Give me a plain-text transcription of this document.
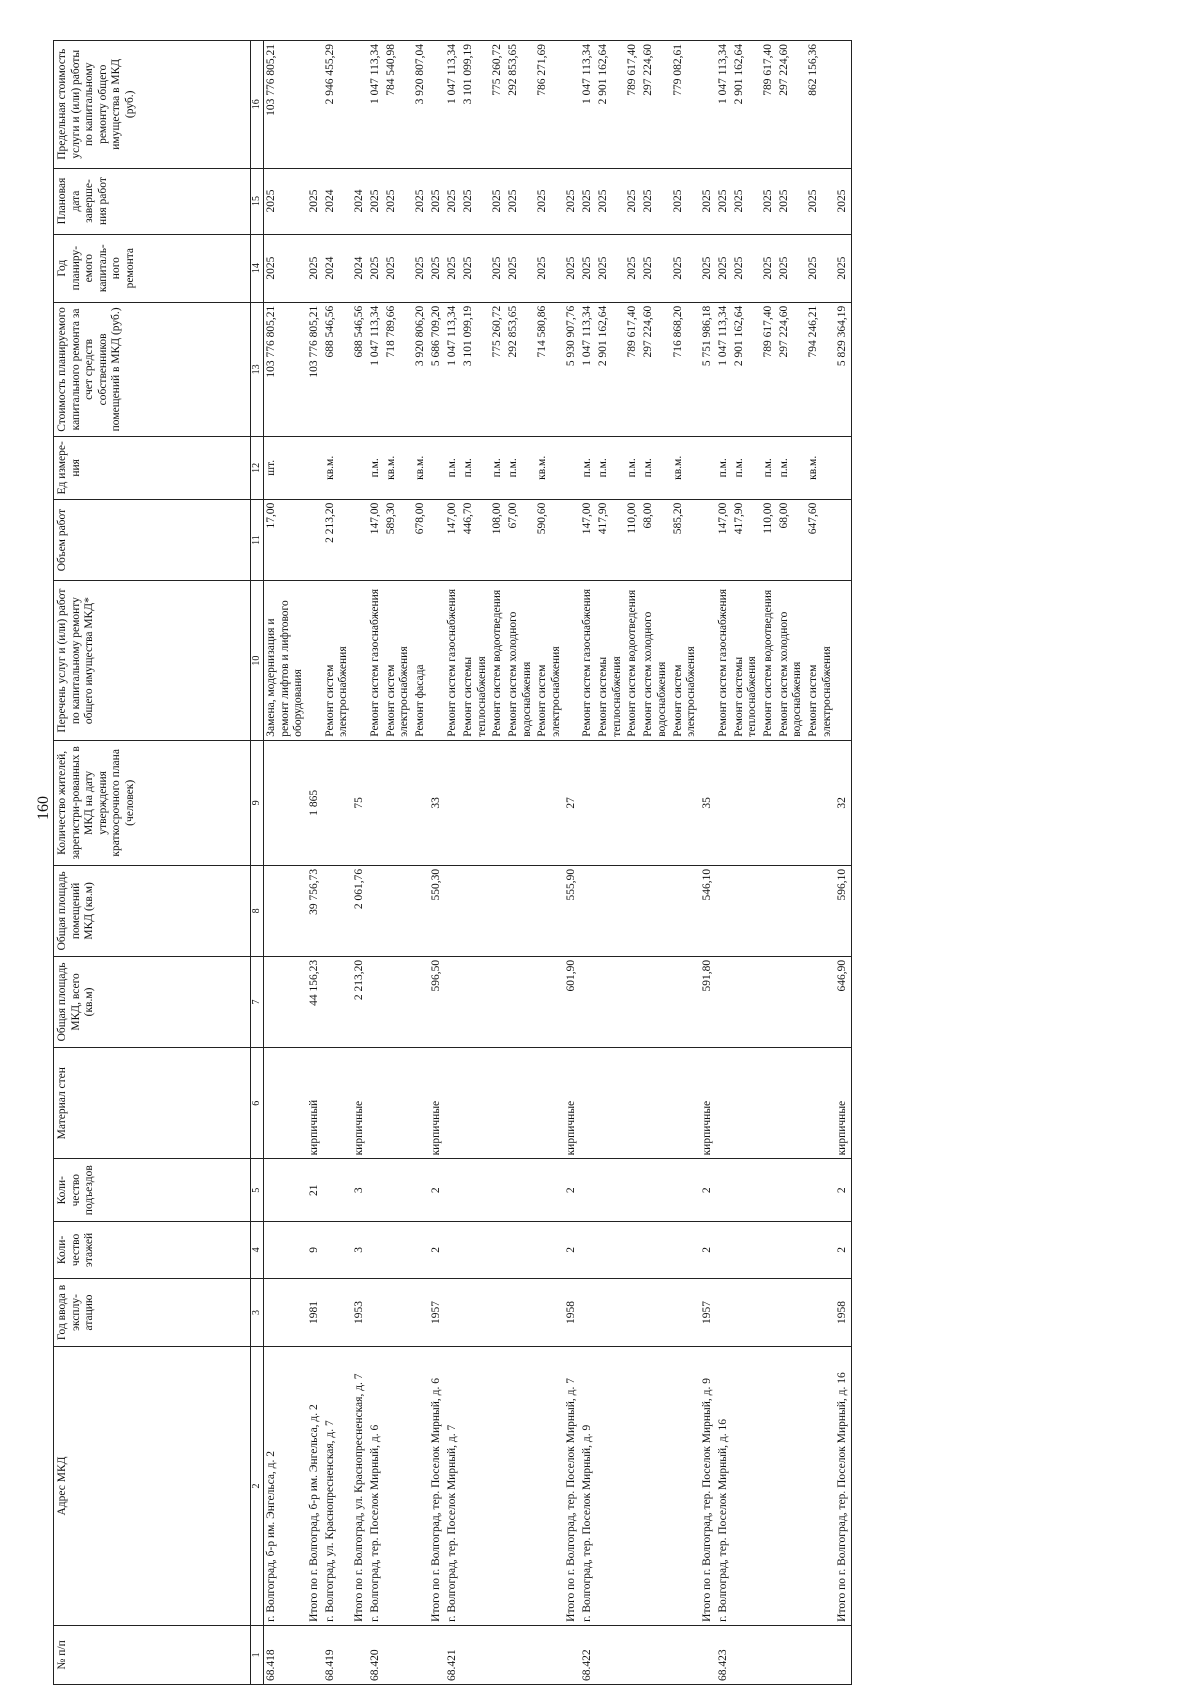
160
№ п/п	Адрес МКД	Год ввода в эксплу-атацию	Коли-чество этажей	Коли-чество подъездов	Материал стен	Общая площадь МКД, всего (кв.м)	Общая площадь помещений МКД (кв.м)	Количество жителей, зарегистри-рованных в МКД на дату утверждения краткосрочного плана (человек)	Перечень услуг и (или) работ по капитальному ремонту общего имущества МКД*	Объем работ	Ед измере-ния	Стоимость планируемого капитального ремонта за счет средств собственников помещений в МКД (руб.)	Год планиру-емого капиталь-ного ремонта	Плановая дата заверше-ния работ	Предельная стоимость услуги и (или) работы по капитальному ремонту общего имущества в МКД (руб.)
1	2	3	4	5	6	7	8	9	10	11	12	13	14	15	16
68.418	г. Волгоград, б-р им. Энгельса, д. 2								Замена, модернизация и ремонт лифтов и лифтового оборудования	17,00	шт.	103 776 805,21	2025	2025	103 776 805,21
	Итого по г. Волгоград, б-р им. Энгельса, д. 2	1981	9	21	кирпичный	44 156,23	39 756,73	1 865				103 776 805,21	2025	2025	
68.419	г. Волгоград, ул. Краснопресненская, д. 7								Ремонт систем электроснабжения	2 213,20	кв.м.	688 546,56	2024	2024	2 946 455,29
	Итого по г. Волгоград, ул. Краснопресненская, д. 7	1953	3	3	кирпичные	2 213,20	2 061,76	75				688 546,56	2024	2024	
68.420	г. Волгоград, тер. Поселок Мирный, д. 6								Ремонт систем газоснабжения	147,00	п.м.	1 047 113,34	2025	2025	1 047 113,34
									Ремонт систем электроснабжения	589,30	кв.м.	718 789,66	2025	2025	784 540,98
									Ремонт фасада	678,00	кв.м.	3 920 806,20	2025	2025	3 920 807,04
	Итого по г. Волгоград, тер. Поселок Мирный, д. 6	1957	2	2	кирпичные	596,50	550,30	33				5 686 709,20	2025	2025	
68.421	г. Волгоград, тер. Поселок Мирный, д. 7								Ремонт систем газоснабжения	147,00	п.м.	1 047 113,34	2025	2025	1 047 113,34
									Ремонт системы теплоснабжения	446,70	п.м.	3 101 099,19	2025	2025	3 101 099,19
									Ремонт систем водоотведения	108,00	п.м.	775 260,72	2025	2025	775 260,72
									Ремонт систем холодного водоснабжения	67,00	п.м.	292 853,65	2025	2025	292 853,65
									Ремонт систем электроснабжения	590,60	кв.м.	714 580,86	2025	2025	786 271,69
	Итого по г. Волгоград, тер. Поселок Мирный, д. 7	1958	2	2	кирпичные	601,90	555,90	27				5 930 907,76	2025	2025	
68.422	г. Волгоград, тер. Поселок Мирный, д. 9								Ремонт систем газоснабжения	147,00	п.м.	1 047 113,34	2025	2025	1 047 113,34
									Ремонт системы теплоснабжения	417,90	п.м.	2 901 162,64	2025	2025	2 901 162,64
									Ремонт систем водоотведения	110,00	п.м.	789 617,40	2025	2025	789 617,40
									Ремонт систем холодного водоснабжения	68,00	п.м.	297 224,60	2025	2025	297 224,60
									Ремонт систем электроснабжения	585,20	кв.м.	716 868,20	2025	2025	779 082,61
	Итого по г. Волгоград, тер. Поселок Мирный, д. 9	1957	2	2	кирпичные	591,80	546,10	35				5 751 986,18	2025	2025	
68.423	г. Волгоград, тер. Поселок Мирный, д. 16								Ремонт систем газоснабжения	147,00	п.м.	1 047 113,34	2025	2025	1 047 113,34
									Ремонт системы теплоснабжения	417,90	п.м.	2 901 162,64	2025	2025	2 901 162,64
									Ремонт систем водоотведения	110,00	п.м.	789 617,40	2025	2025	789 617,40
									Ремонт систем холодного водоснабжения	68,00	п.м.	297 224,60	2025	2025	297 224,60
									Ремонт систем электроснабжения	647,60	кв.м.	794 246,21	2025	2025	862 156,36
	Итого по г. Волгоград, тер. Поселок Мирный, д. 16	1958	2	2	кирпичные	646,90	596,10	32				5 829 364,19	2025	2025	
